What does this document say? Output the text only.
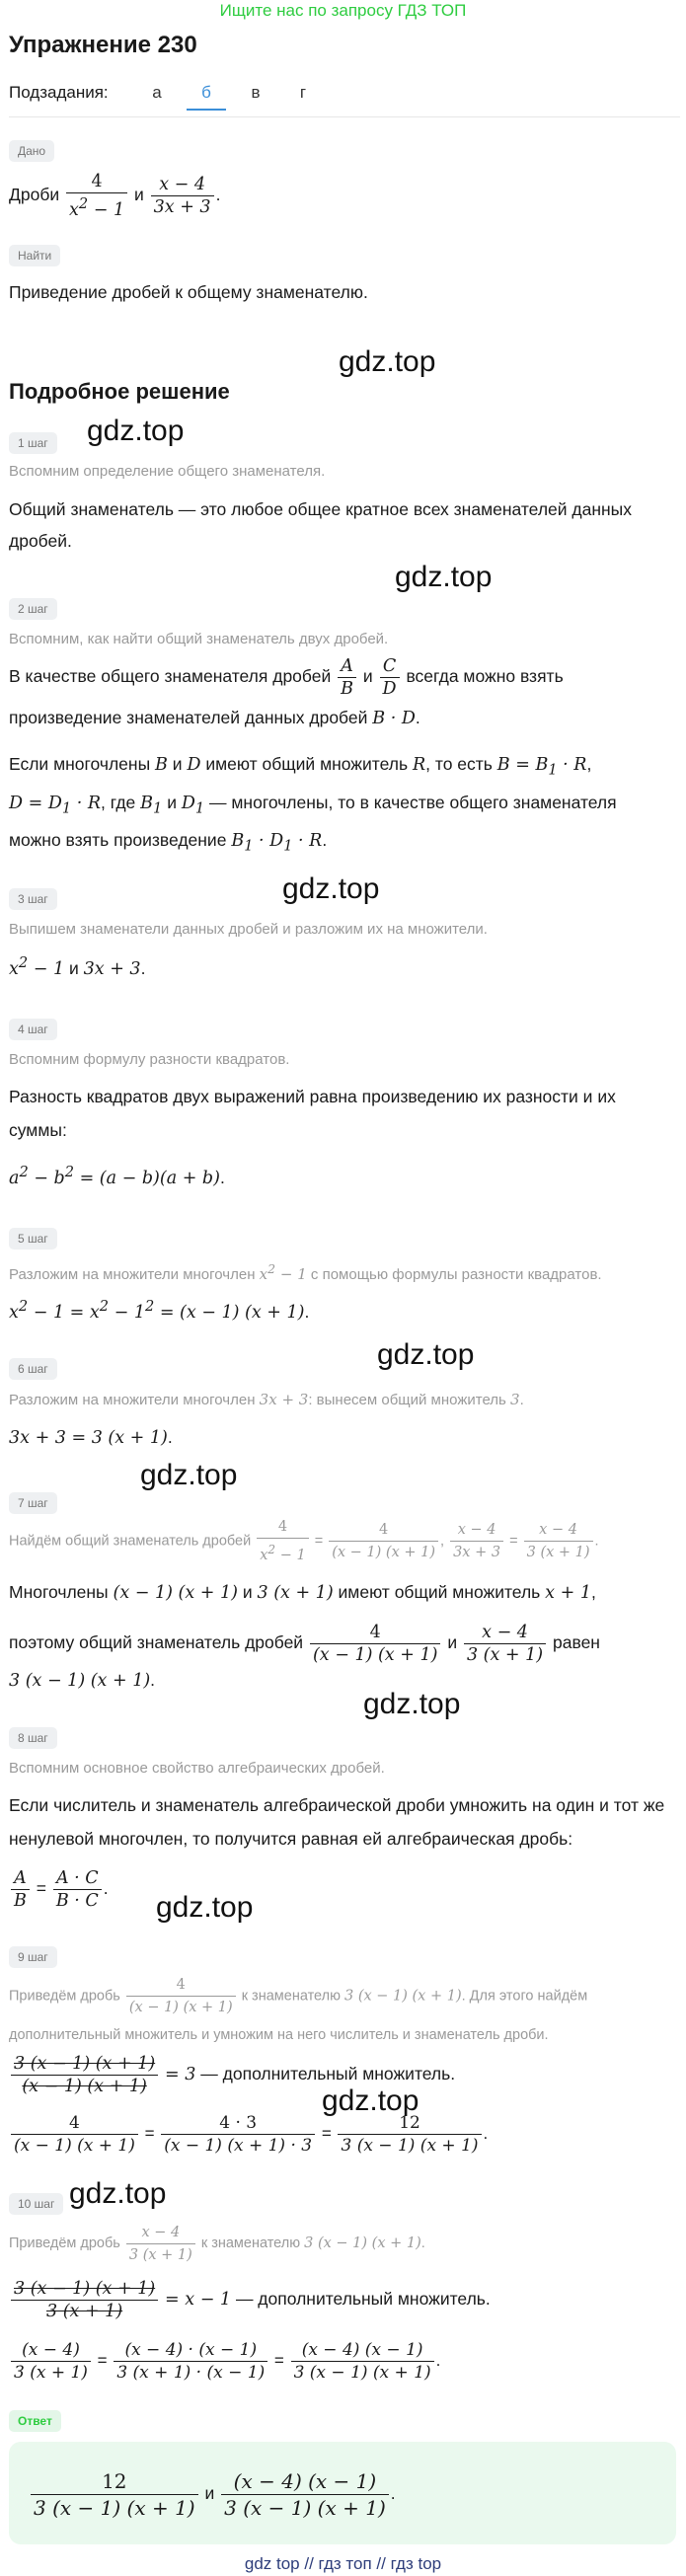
Ищите нас по запросу ГДЗ ТОП
Упражнение 230
Подзадания:	а	б	в	г
Дано
Дроби $\frac{4}{x^2 - 1}$ и $\frac{x - 4}{3x + 3}$ .
Найти
Приведение дробей к общему знаменателю.
gdz.top
Подробное решение
1 шаг	gdz.top
Вспомним определение общего знаменателя.
Общий знаменатель — это любое общее кратное всех знаменателей данных дробей.
gdz.top
2 шаг
Вспомним, как найти общий знаменатель двух дробей.
В качестве общего знаменателя дробей $\frac{A}{B}$ и $\frac{C}{D}$ всегда можно взять
произведение знаменателей данных дробей B · D.
Если многочлены B и D имеют общий множитель R, то есть $B = B_1 \cdot R$,
$D = D_1 \cdot R$, где $B_1$ и $D_1$ — многочлены, то в качестве общего знаменателя
можно взять произведение $B_1 \cdot D_1 \cdot R$.
gdz.top
3 шаг
Выпишем знаменатели данных дробей и разложим их на множители.
$x^2 - 1$ и 3x + 3.
4 шаг
Вспомним формулу разности квадратов.
Разность квадратов двух выражений равна произведению их разности и их суммы:
$a^2 - b^2 = (a - b)(a + b)$.
5 шаг
Разложим на множители многочлен $x^2 - 1$ с помощью формулы разности квадратов.
$x^2 - 1 = x^2 - 1^2 = (x - 1) (x + 1)$.
gdz.top
6 шаг
Разложим на множители многочлен 3x + 3: вынесем общий множитель 3.
3x + 3 = 3 (x + 1).
gdz.top
7 шаг
Найдём общий знаменатель дробей $\frac{4}{x^2 - 1} = \frac{4}{(x - 1) (x + 1)}$ , $\frac{x - 4}{3x + 3} = \frac{x - 4}{3 (x + 1)}$ .
Многочлены (x − 1) (x + 1) и 3 (x + 1) имеют общий множитель x + 1,
поэтому общий знаменатель дробей $\frac{4}{(x - 1) (x + 1)}$ и $\frac{x - 4}{3 (x + 1)}$ равен
3 (x − 1) (x + 1).
gdz.top
8 шаг
Вспомним основное свойство алгебраических дробей.
Если числитель и знаменатель алгебраической дроби умножить на один и тот же ненулевой многочлен, то получится равная ей алгебраическая дробь:
$\frac{A}{B} = \frac{A \cdot C}{B \cdot C}$ .
gdz.top
9 шаг
Приведём дробь $\frac{4}{(x - 1) (x + 1)}$ к знаменателю 3 (x − 1) (x + 1). Для этого найдём дополнительный множитель и умножим на него числитель и знаменатель дроби.
$\frac{3 (x - 1) (x + 1)}{(x - 1) (x + 1)} = 3$ — дополнительный множитель.
gdz.top
$\frac{4}{(x - 1) (x + 1)} = \frac{4 \cdot 3}{(x - 1) (x + 1) \cdot 3} = \frac{12}{3 (x - 1) (x + 1)}$ .
gdz.top
10 шаг
Приведём дробь $\frac{x - 4}{3 (x + 1)}$ к знаменателю 3 (x − 1) (x + 1).
$\frac{3 (x - 1) (x + 1)}{3 (x + 1)} = x - 1$ — дополнительный множитель.
$\frac{(x - 4)}{3 (x + 1)} = \frac{(x - 4) \cdot (x - 1)}{3 (x + 1) \cdot (x - 1)} = \frac{(x - 4) (x - 1)}{3 (x - 1) (x + 1)}$ .
Ответ
$\frac{12}{3 (x - 1) (x + 1)}$ и $\frac{(x - 4) (x - 1)}{3 (x - 1) (x + 1)}$ .
gdz top // гдз топ // гдз top
